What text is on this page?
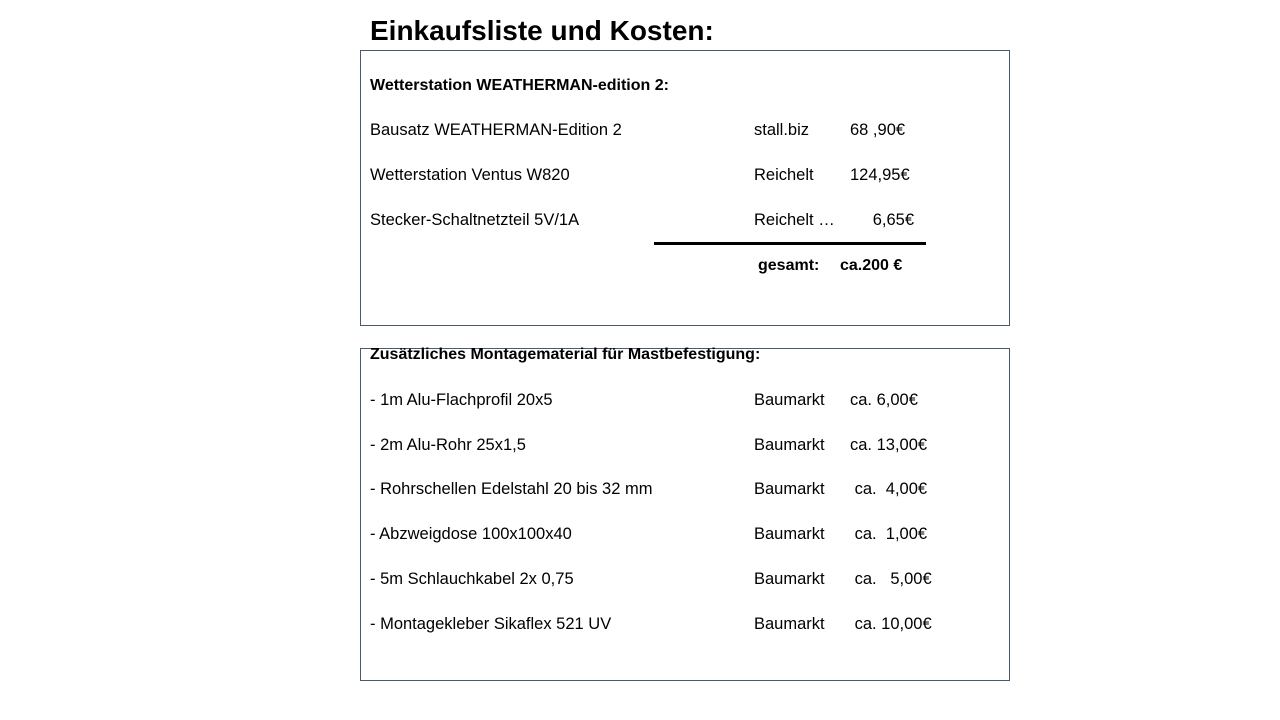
Einkaufsliste und Kosten:
Wetterstation WEATHERMAN-edition 2:
Bausatz WEATHERMAN-Edition 2	stall.biz 68 ,90€
Wetterstation Ventus W820	Reichelt 124,95€
Stecker-Schaltnetzteil 5V/1A	Reichelt … 6,65€
gesamt: ca.200 €
Zusätzliches Montagematerial für Mastbefestigung:
- 1m Alu-Flachprofil 20x5	Baumarkt ca. 6,00€
- 2m Alu-Rohr 25x1,5	Baumarkt ca. 13,00€
- Rohrschellen Edelstahl 20 bis 32 mm	Baumarkt ca.  4,00€
- Abzweigdose 100x100x40	Baumarkt ca.  1,00€
- 5m Schlauchkabel 2x 0,75	Baumarkt ca.   5,00€
- Montagekleber Sikaflex 521 UV	Baumarkt ca. 10,00€
